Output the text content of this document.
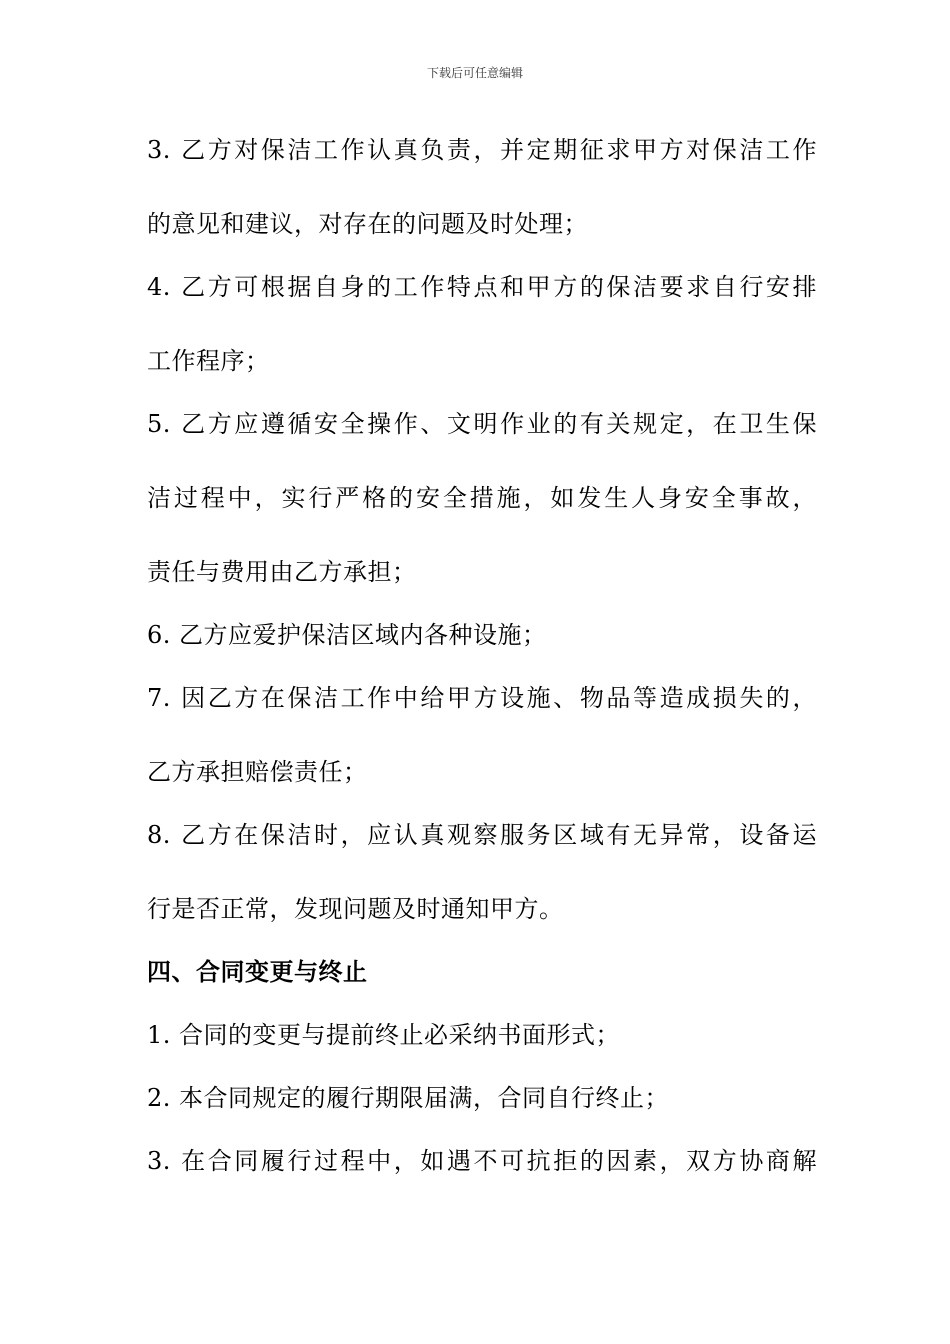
下载后可任意编辑
3. 乙方对保洁工作认真负责，并定期征求甲方对保洁工作
的意见和建议，对存在的问题及时处理；
4. 乙方可根据自身的工作特点和甲方的保洁要求自行安排
工作程序；
5. 乙方应遵循安全操作、文明作业的有关规定，在卫生保
洁过程中，实行严格的安全措施，如发生人身安全事故，
责任与费用由乙方承担；
6. 乙方应爱护保洁区域内各种设施；
7. 因乙方在保洁工作中给甲方设施、物品等造成损失的，
乙方承担赔偿责任；
8. 乙方在保洁时，应认真观察服务区域有无异常，设备运
行是否正常，发现问题及时通知甲方。
四、合同变更与终止
1. 合同的变更与提前终止必采纳书面形式；
2. 本合同规定的履行期限届满，合同自行终止；
3. 在合同履行过程中，如遇不可抗拒的因素，双方协商解
